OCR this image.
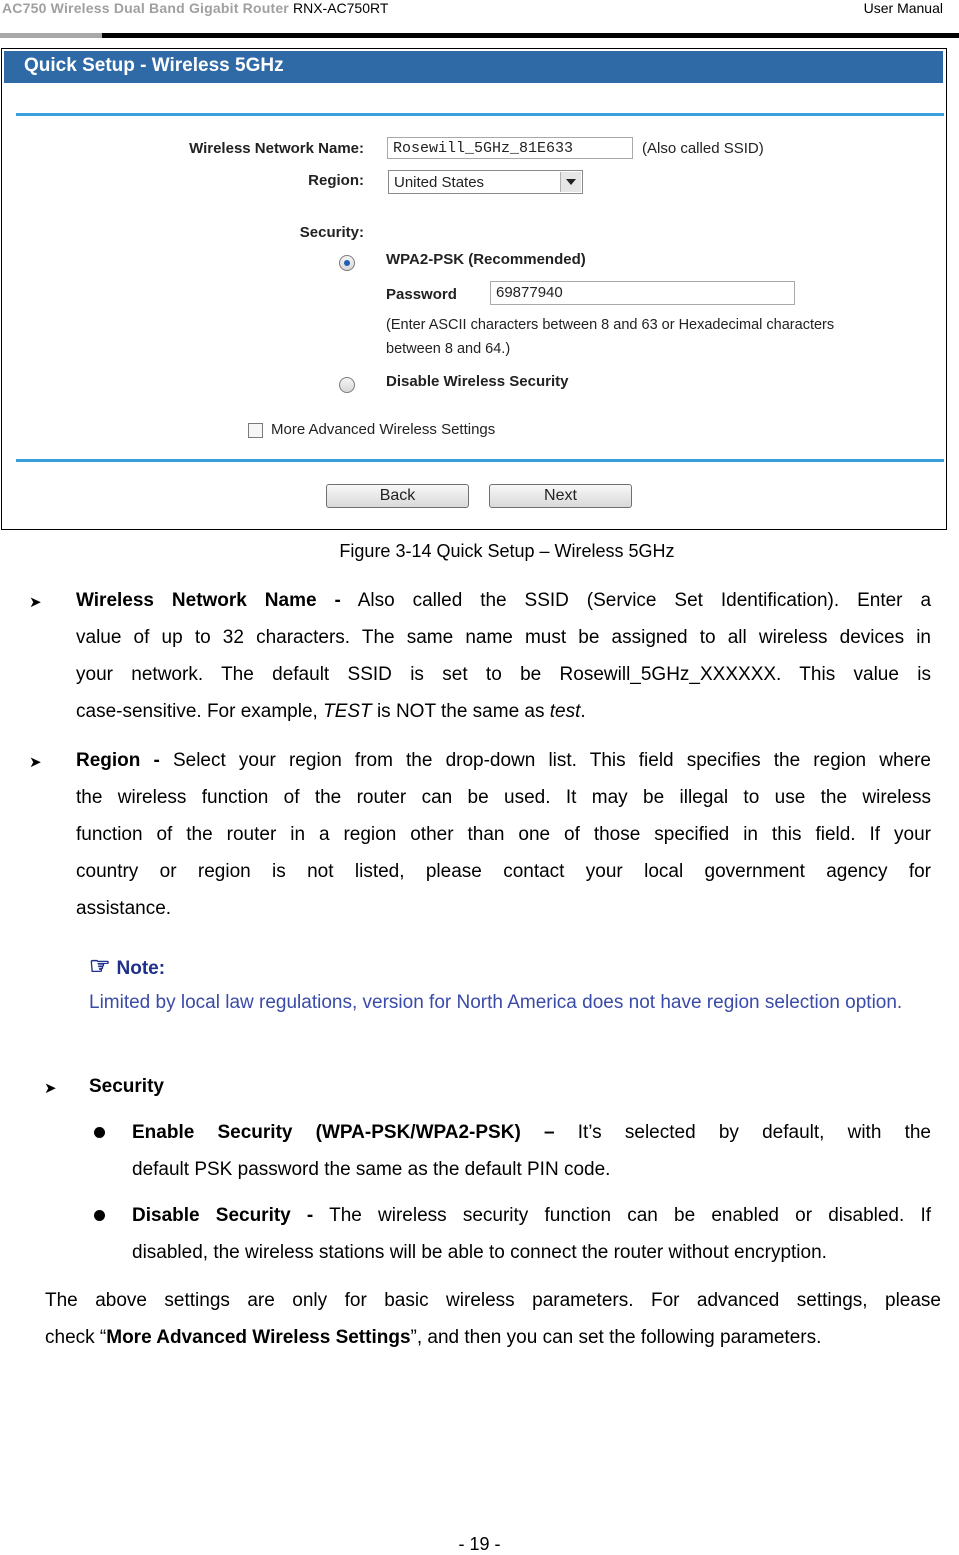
AC750 Wireless Dual Band Gigabit Router RNX-AC750RT	User Manual
Quick Setup - Wireless 5GHz
Wireless Network Name:	Rosewill_5GHz_81E633	(Also called SSID)
Region: United States
Security:
WPA2-PSK (Recommended)
Password	69877940
(Enter ASCII characters between 8 and 63 or Hexadecimal characters
between 8 and 64.)
Disable Wireless Security
More Advanced Wireless Settings
Back	Next
Figure 3-14 Quick Setup – Wireless 5GHz
➤ Wireless Network Name - Also called the SSID (Service Set Identification). Enter a
value of up to 32 characters. The same name must be assigned to all wireless devices in
your network. The default SSID is set to be Rosewill_5GHz_XXXXXX. This value is
case-sensitive. For example, TEST is NOT the same as test.
➤ Region - Select your region from the drop-down list. This field specifies the region where
the wireless function of the router can be used. It may be illegal to use the wireless
function of the router in a region other than one of those specified in this field. If your
country or region is not listed, please contact your local government agency for
assistance.
☞ Note:
Limited by local law regulations, version for North America does not have region selection option.
➤ Security
Enable Security (WPA-PSK/WPA2-PSK) – It’s selected by default, with the
default PSK password the same as the default PIN code.
Disable Security - The wireless security function can be enabled or disabled. If
disabled, the wireless stations will be able to connect the router without encryption.
The above settings are only for basic wireless parameters. For advanced settings, please
check “More Advanced Wireless Settings”, and then you can set the following parameters.
- 19 -
